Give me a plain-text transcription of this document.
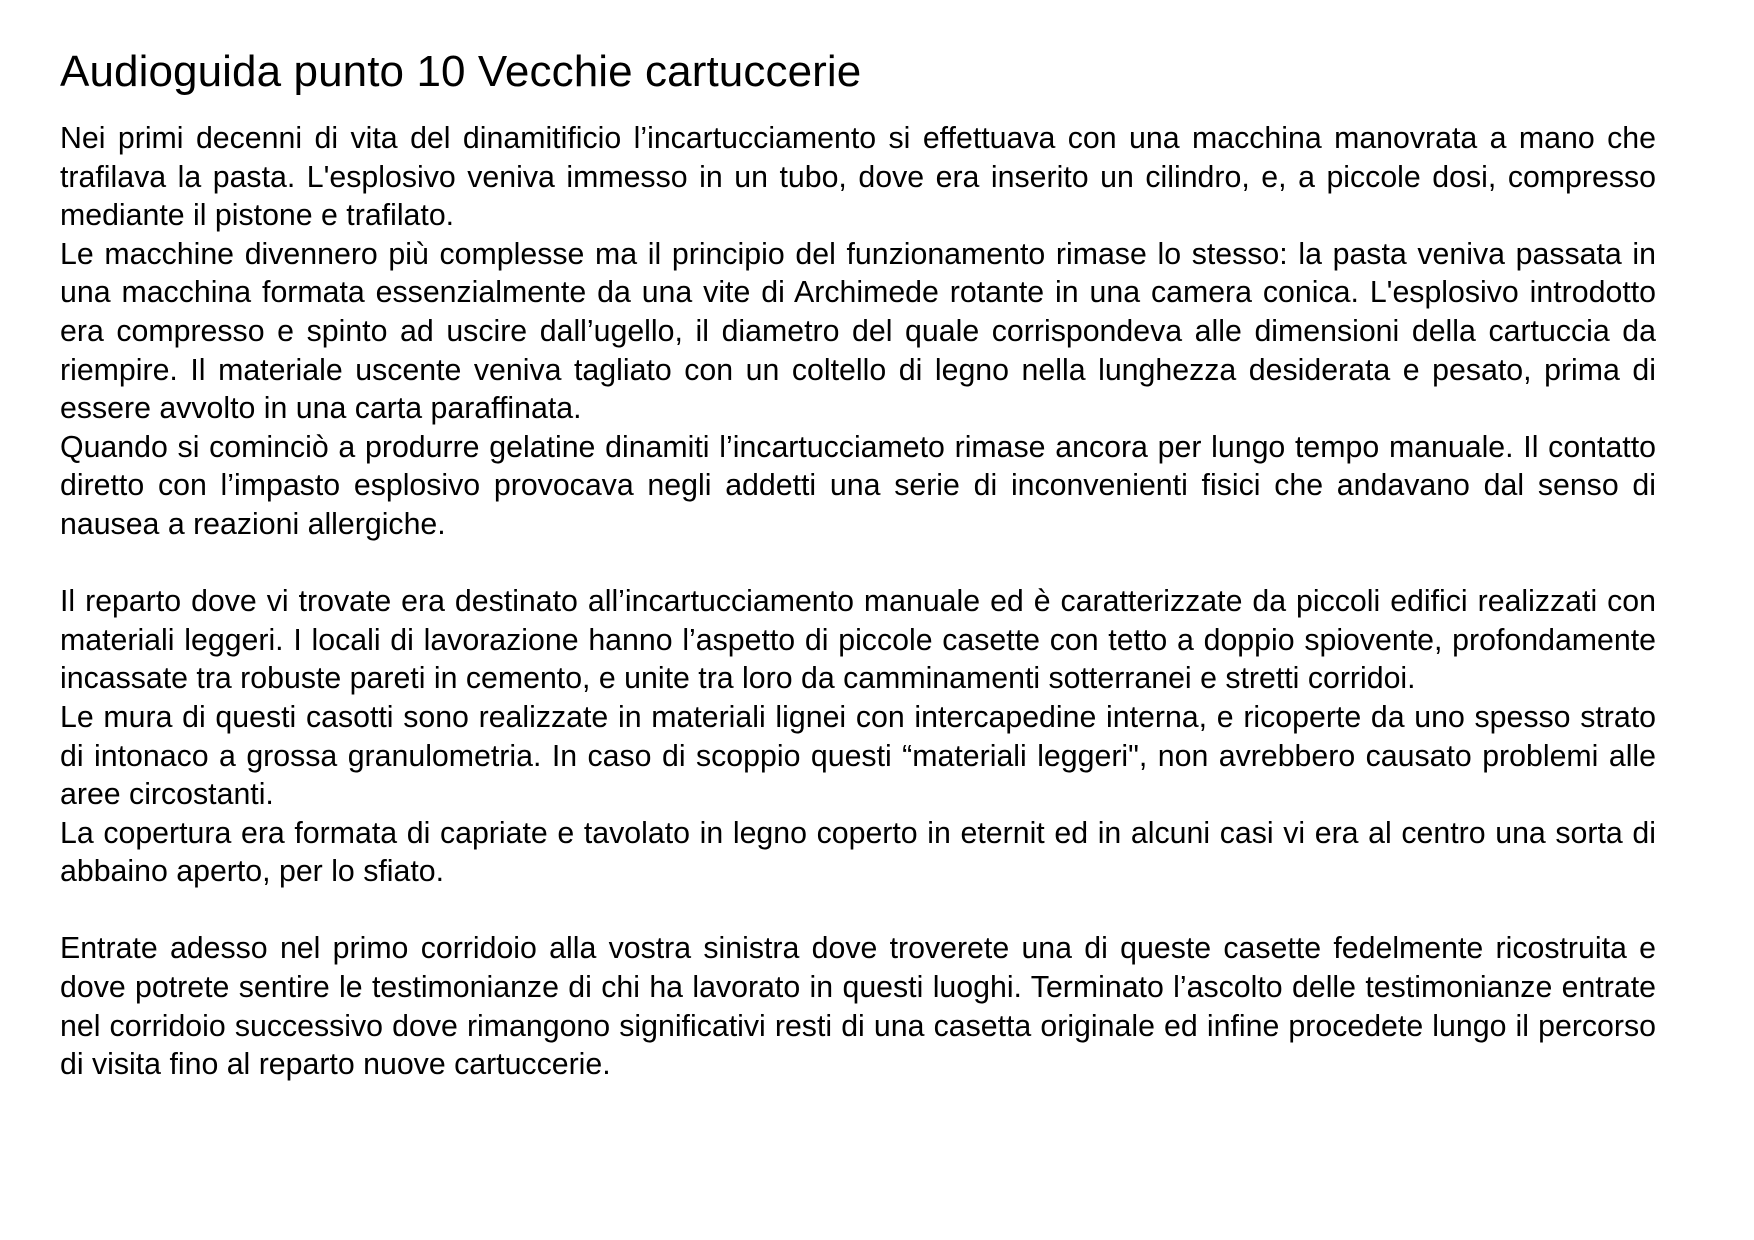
Audioguida punto 10 Vecchie cartuccerie

Nei primi decenni di vita del dinamitificio l’incartucciamento si effettuava con una macchina manovrata a mano che trafilava la pasta. L'esplosivo veniva immesso in un tubo, dove era inserito un cilindro, e, a piccole dosi, compresso mediante il pistone e trafilato.

Le macchine divennero più complesse ma il principio del funzionamento rimase lo stesso: la pasta veniva passata in una macchina formata essenzialmente da una vite di Archimede rotante in una camera conica. L'esplosivo introdotto era compresso e spinto ad uscire dall’ugello, il diametro del quale corrispondeva alle dimensioni della cartuccia da riempire. Il materiale uscente veniva tagliato con un coltello di legno nella lunghezza desiderata e pesato, prima di essere avvolto in una carta paraffinata.

Quando si cominciò a produrre gelatine dinamiti l’incartucciameto rimase ancora per lungo tempo manuale. Il contatto diretto con l’impasto esplosivo provocava negli addetti una serie di inconvenienti fisici che andavano dal senso di nausea a reazioni allergiche.

Il reparto dove vi trovate era destinato all’incartucciamento manuale ed è caratterizzate da piccoli edifici realizzati con materiali leggeri. I locali di lavorazione hanno l’aspetto di piccole casette con tetto a doppio spiovente, profondamente incassate tra robuste pareti in cemento, e unite tra loro da camminamenti sotterranei e stretti corridoi.

Le mura di questi casotti sono realizzate in materiali lignei con intercapedine interna, e ricoperte da uno spesso strato di intonaco a grossa granulometria. In caso di scoppio questi “materiali leggeri", non avrebbero causato problemi alle aree circostanti.

La copertura era formata di capriate e tavolato in legno coperto in eternit ed in alcuni casi vi era al centro una sorta di abbaino aperto, per lo sfiato.

Entrate adesso nel primo corridoio alla vostra sinistra dove troverete una di queste casette fedelmente ricostruita e dove potrete sentire le testimonianze di chi ha lavorato in questi luoghi. Terminato l’ascolto delle testimonianze entrate nel corridoio successivo dove rimangono significativi resti di una casetta originale ed infine procedete lungo il percorso di visita fino al reparto nuove cartuccerie.
